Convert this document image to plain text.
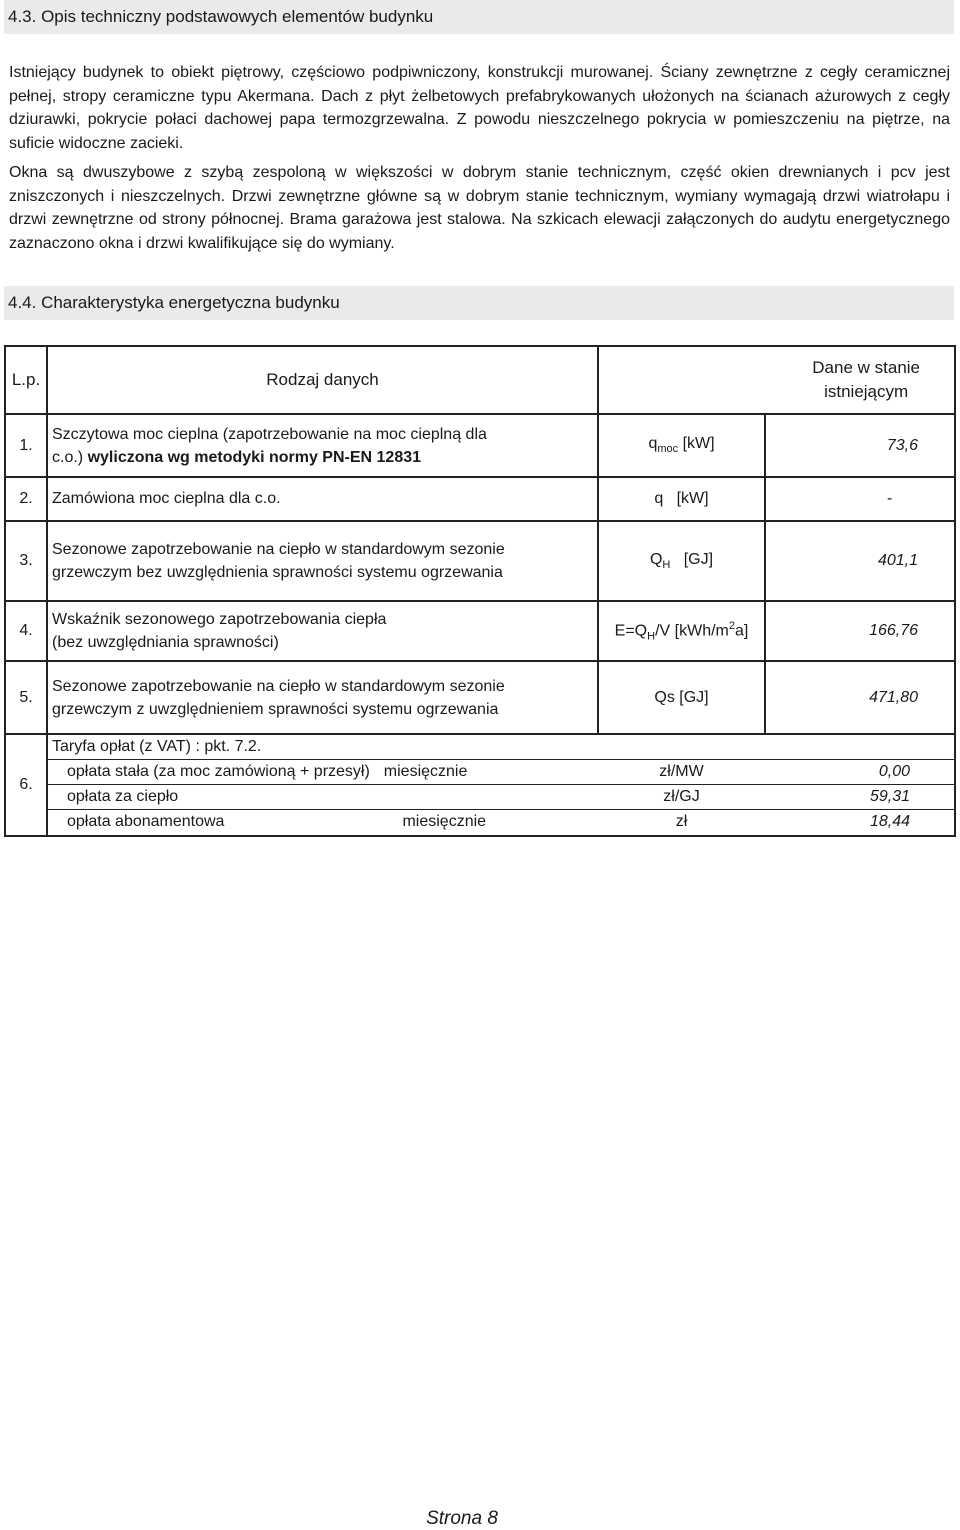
4.3. Opis techniczny podstawowych elementów budynku

Istniejący budynek to obiekt piętrowy, częściowo podpiwniczony, konstrukcji murowanej. Ściany zewnętrzne z cegły ceramicznej pełnej, stropy ceramiczne typu Akermana. Dach z płyt żelbetowych prefabrykowanych ułożonych na ścianach ażurowych z cegły dziurawki, pokrycie połaci dachowej papa termozgrzewalna. Z powodu nieszczelnego pokrycia w pomieszczeniu na piętrze, na suficie widoczne zacieki.

Okna są dwuszybowe z szybą zespoloną w większości w dobrym stanie technicznym, część okien drewnianych i pcv jest zniszczonych i nieszczelnych. Drzwi zewnętrzne główne są w dobrym stanie technicznym, wymiany wymagają drzwi wiatrołapu i drzwi zewnętrzne od strony północnej. Brama garażowa jest stalowa. Na szkicach elewacji załączonych do audytu energetycznego zaznaczono okna i drzwi kwalifikujące się do wymiany.

4.4. Charakterystyka energetyczna budynku
L.p.	Rodzaj danych	Dane w stanie
istniejącym	

1.	Szczytowa moc cieplna (zapotrzebowanie na moc cieplną dla
c.o.) wyliczona wg metodyki normy PN-EN 12831	$q_{moc}$ [kW]	73,6
2.	Zamówiona moc cieplna dla c.o.	q   [kW]	-
3.	Sezonowe zapotrzebowanie na ciepło w standardowym sezonie
grzewczym bez uwzględnienia sprawności systemu ogrzewania	$Q_H$   [GJ]	401,1
4.	Wskaźnik sezonowego zapotrzebowania ciepła
(bez uwzględniania sprawności)	$E=Q_H/V$ $[kWh/m^2a]$	166,76
5.	Sezonowe zapotrzebowanie na ciepło w standardowym sezonie
grzewczym z uwzględnieniem sprawności systemu ogrzewania	Qs [GJ]	471,80
6.	Taryfa opłat (z VAT) : pkt. 7.2.		
	opłata stała (za moc zamówioną + przesył) miesięcznie	zł/MW	0,00
	opłata za ciepło	zł/GJ	59,31
	opłata abonamentowa miesięcznie	zł	18,44
Strona 8
